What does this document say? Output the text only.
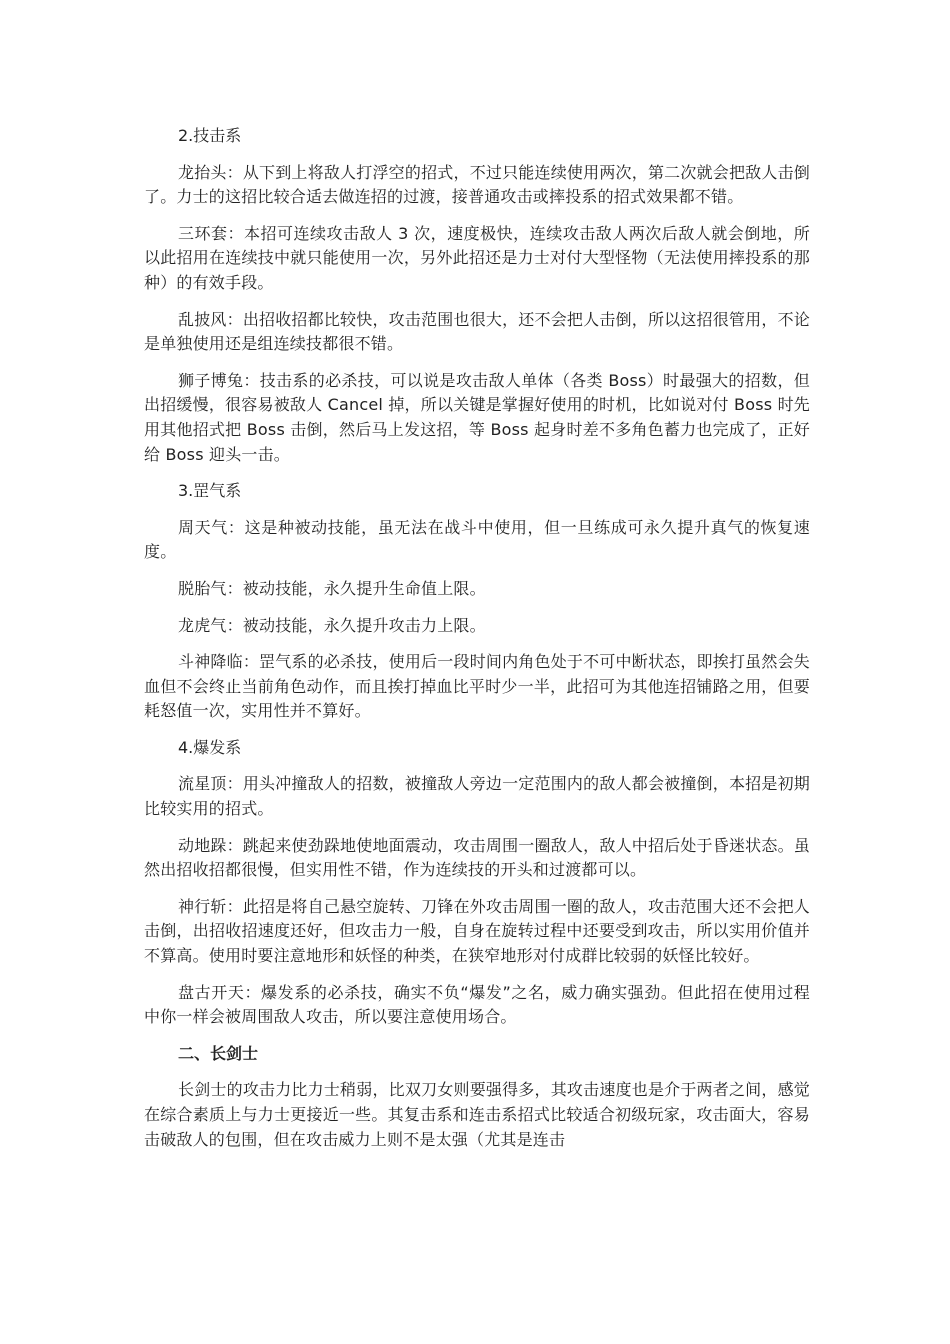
2.技击系

龙抬头：从下到上将敌人打浮空的招式，不过只能连续使用两次，第二次就会把敌人击倒了。力士的这招比较合适去做连招的过渡，接普通攻击或摔投系的招式效果都不错。

三环套：本招可连续攻击敌人 3 次，速度极快，连续攻击敌人两次后敌人就会倒地，所以此招用在连续技中就只能使用一次，另外此招还是力士对付大型怪物（无法使用摔投系的那种）的有效手段。

乱披风：出招收招都比较快，攻击范围也很大，还不会把人击倒，所以这招很管用，不论是单独使用还是组连续技都很不错。

狮子博兔：技击系的必杀技，可以说是攻击敌人单体（各类 Boss）时最强大的招数，但出招缓慢，很容易被敌人 Cancel 掉，所以关键是掌握好使用的时机，比如说对付 Boss 时先用其他招式把 Boss 击倒，然后马上发这招，等 Boss 起身时差不多角色蓄力也完成了，正好给 Boss 迎头一击。

3.罡气系

周天气：这是种被动技能，虽无法在战斗中使用，但一旦练成可永久提升真气的恢复速度。

脱胎气：被动技能，永久提升生命值上限。

龙虎气：被动技能，永久提升攻击力上限。

斗神降临：罡气系的必杀技，使用后一段时间内角色处于不可中断状态，即挨打虽然会失血但不会终止当前角色动作，而且挨打掉血比平时少一半，此招可为其他连招铺路之用，但要耗怒值一次，实用性并不算好。

4.爆发系

流星顶：用头冲撞敌人的招数，被撞敌人旁边一定范围内的敌人都会被撞倒，本招是初期比较实用的招式。

动地跺：跳起来使劲跺地使地面震动，攻击周围一圈敌人，敌人中招后处于昏迷状态。虽然出招收招都很慢，但实用性不错，作为连续技的开头和过渡都可以。

神行斩：此招是将自己悬空旋转、刀锋在外攻击周围一圈的敌人，攻击范围大还不会把人击倒，出招收招速度还好，但攻击力一般，自身在旋转过程中还要受到攻击，所以实用价值并不算高。使用时要注意地形和妖怪的种类，在狭窄地形对付成群比较弱的妖怪比较好。

盘古开天：爆发系的必杀技，确实不负“爆发”之名，威力确实强劲。但此招在使用过程中你一样会被周围敌人攻击，所以要注意使用场合。

二、长剑士

长剑士的攻击力比力士稍弱，比双刀女则要强得多，其攻击速度也是介于两者之间，感觉在综合素质上与力士更接近一些。其复击系和连击系招式比较适合初级玩家，攻击面大，容易击破敌人的包围，但在攻击威力上则不是太强（尤其是连击
